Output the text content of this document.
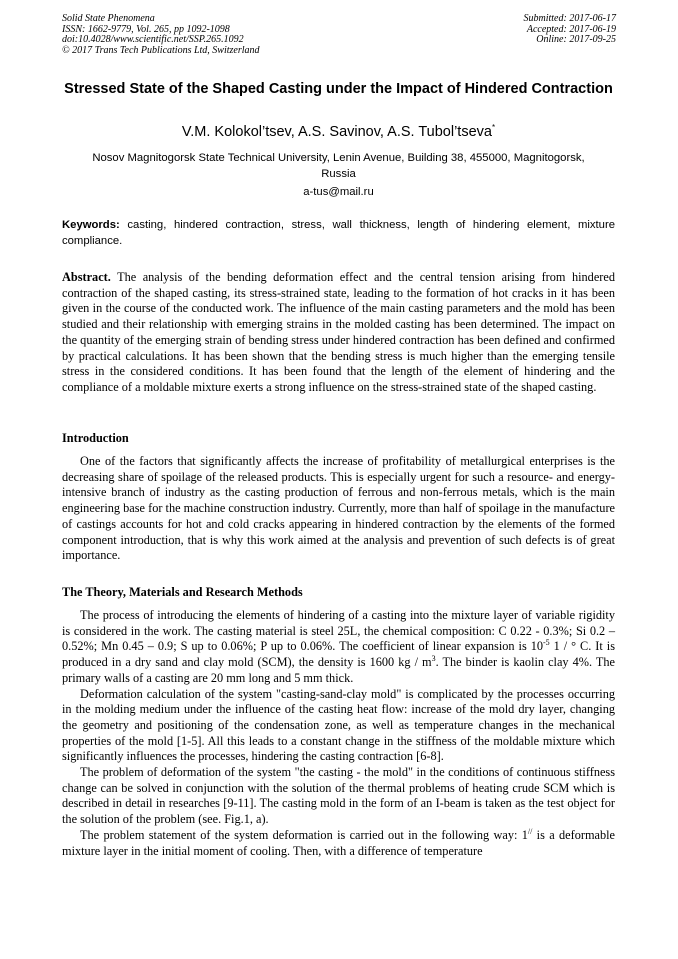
Solid State Phenomena
ISSN: 1662-9779, Vol. 265, pp 1092-1098
doi:10.4028/www.scientific.net/SSP.265.1092
© 2017 Trans Tech Publications Ltd, Switzerland
Submitted: 2017-06-17
Accepted: 2017-06-19
Online: 2017-09-25
Stressed State of the Shaped Casting under the Impact of Hindered Contraction
V.M. Kolokol’tsev, A.S. Savinov, A.S. Tubol’tseva*
Nosov Magnitogorsk State Technical University, Lenin Avenue, Building 38, 455000, Magnitogorsk, Russia
a-tus@mail.ru
Keywords: casting, hindered contraction, stress, wall thickness, length of hindering element, mixture compliance.
Abstract. The analysis of the bending deformation effect and the central tension arising from hindered contraction of the shaped casting, its stress-strained state, leading to the formation of hot cracks in it has been given in the course of the conducted work. The influence of the main casting parameters and the mold has been studied and their relationship with emerging strains in the molded casting has been determined. The impact on the quantity of the emerging strain of bending stress under hindered contraction has been defined and confirmed by practical calculations. It has been shown that the bending stress is much higher than the emerging tensile stress in the considered conditions. It has been found that the length of the element of hindering and the compliance of a moldable mixture exerts a strong influence on the stress-strained state of the shaped casting.
Introduction

One of the factors that significantly affects the increase of profitability of metallurgical enterprises is the decreasing share of spoilage of the released products. This is especially urgent for such a resource- and energy-intensive branch of industry as the casting production of ferrous and non-ferrous metals, which is the main engineering base for the machine construction industry. Currently, more than half of spoilage in the manufacture of castings accounts for hot and cold cracks appearing in hindered contraction by the elements of the formed component introduction, that is why this work aimed at the analysis and prevention of such defects is of great importance.

The Theory, Materials and Research Methods

The process of introducing the elements of hindering of a casting into the mixture layer of variable rigidity is considered in the work. The casting material is steel 25L, the chemical composition: C 0.22 - 0.3%; Si 0.2 – 0.52%; Mn 0.45 – 0.9; S up to 0.06%; P up to 0.06%. The coefficient of linear expansion is $10^{-5}$ 1 / ° C. It is produced in a dry sand and clay mold (SCM), the density is 1600 kg / $m^3$. The binder is kaolin clay 4%. The primary walls of a casting are 20 mm long and 5 mm thick.

Deformation calculation of the system "casting-sand-clay mold" is complicated by the processes occurring in the molding medium under the influence of the casting heat flow: increase of the mold dry layer, changing the geometry and positioning of the condensation zone, as well as temperature changes in the mechanical properties of the mold [1-5]. All this leads to a constant change in the stiffness of the moldable mixture which significantly influences the processes, hindering the casting contraction [6-8].

The problem of deformation of the system "the casting - the mold" in the conditions of continuous stiffness change can be solved in conjunction with the solution of the thermal problems of heating crude SCM which is described in detail in researches [9-11]. The casting mold in the form of an I-beam is taken as the test object for the solution of the problem (see. Fig.1, a).

The problem statement of the system deformation is carried out in the following way: 1// is a deformable mixture layer in the initial moment of cooling. Then, with a difference of temperature
